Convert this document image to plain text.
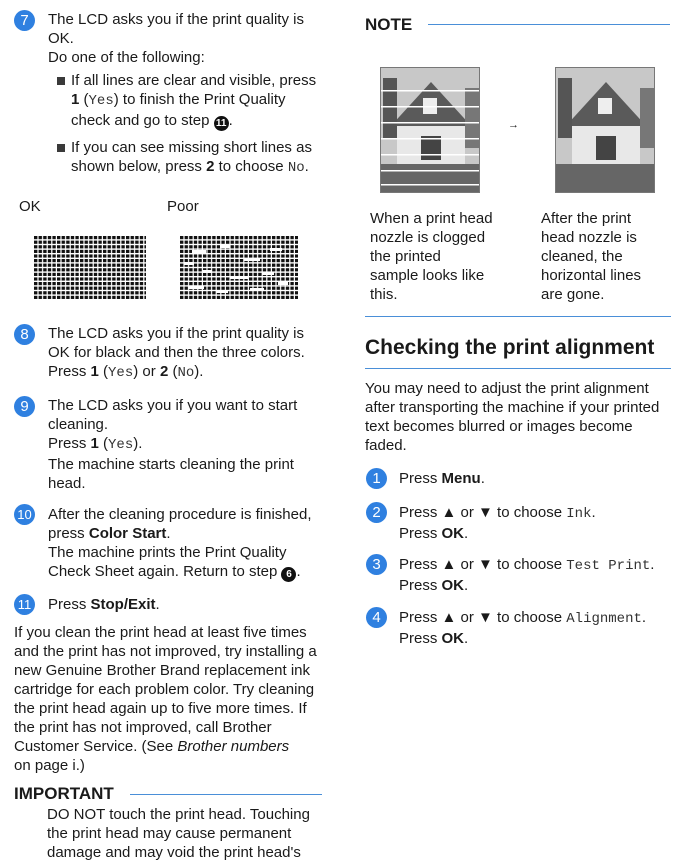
7	The LCD asks you if the print quality is
OK.
Do one of the following:
If all lines are clear and visible, press
1 (Yes) to finish the Print Quality
check and go to step 11 .
If you can see missing short lines as
shown below, press 2 to choose No.
OK	Poor
8	The LCD asks you if the print quality is
OK for black and then the three colors.
Press 1 (Yes) or 2 (No).
9	The LCD asks you if you want to start
cleaning.
Press 1 (Yes).
The machine starts cleaning the print
head.
10 After the cleaning procedure is finished,
press Color Start.
The machine prints the Print Quality
Check Sheet again. Return to step 6 .
11 Press Stop/Exit.
If you clean the print head at least five times
and the print has not improved, try installing a
new Genuine Brother Brand replacement ink
cartridge for each problem color. Try cleaning
the print head again up to five more times. If
the print has not improved, call Brother
Customer Service. (See Brother numbers
on page i.)
IMPORTANT
DO NOT touch the print head. Touching
the print head may cause permanent
damage and may void the print head's
NOTE
→
When a print head
nozzle is clogged
the printed
sample looks like
this.
After the print
head nozzle is
cleaned, the
horizontal lines
are gone.
Checking the print alignment
You may need to adjust the print alignment
after transporting the machine if your printed
text becomes blurred or images become
faded.
1	Press Menu.
2	Press ▲ or ▼ to choose Ink.
Press OK.
3	Press ▲ or ▼ to choose Test Print.
Press OK.
4	Press ▲ or ▼ to choose Alignment.
Press OK.
